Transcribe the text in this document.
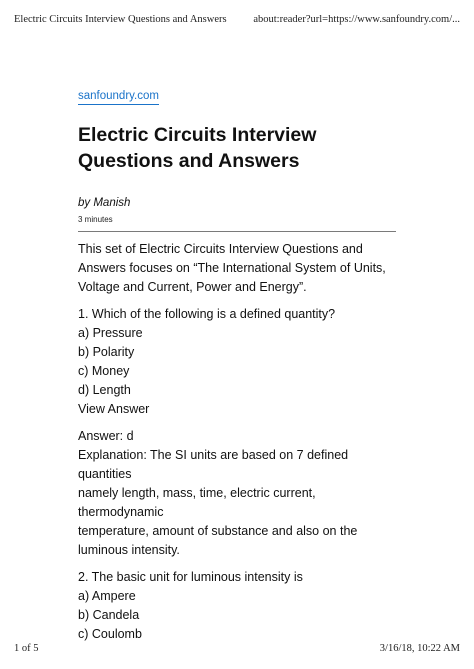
Electric Circuits Interview Questions and Answers	about:reader?url=https://www.sanfoundry.com/...
sanfoundry.com
Electric Circuits Interview
Questions and Answers
by Manish
3 minutes

This set of Electric Circuits Interview Questions and
Answers focuses on “The International System of Units,
Voltage and Current, Power and Energy”.

1. Which of the following is a defined quantity?
a) Pressure
b) Polarity
c) Money
d) Length
View Answer

Answer: d
Explanation: The SI units are based on 7 defined quantities
namely length, mass, time, electric current, thermodynamic
temperature, amount of substance and also on the
luminous intensity.

2. The basic unit for luminous intensity is
a) Ampere
b) Candela
c) Coulomb

1 of 5	3/16/18, 10:22 AM
